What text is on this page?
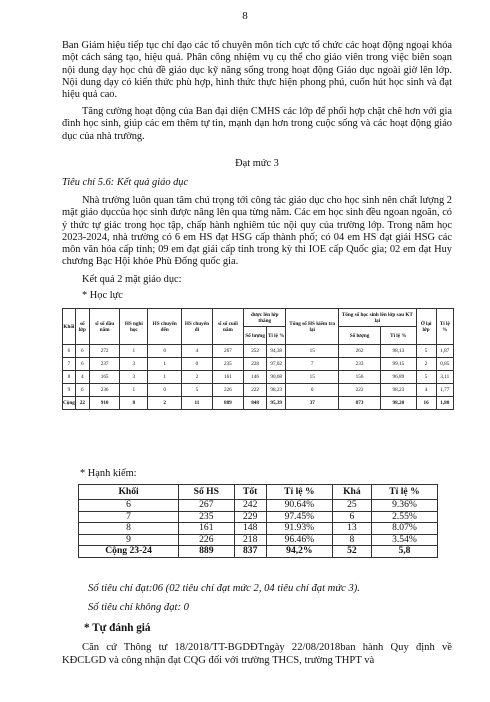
8
Ban Giám hiệu tiếp tục chỉ đạo các tổ chuyên môn tích cực tổ chức các hoạt động ngoại khóa một cách sáng tạo, hiệu quả. Phân công nhiệm vụ cụ thể cho giáo viên trong việc biên soạn nội dung dạy học chủ đề giáo dục kỹ năng sống trong hoạt động Giáo dục ngoài giờ lên lớp. Nội dung dạy có kiến thức phù hợp, hình thức thực hiện phong phú, cuốn hút học sinh và đạt hiệu quả cao.
Tăng cường hoạt động của Ban đại diện CMHS các lớp để phối hợp chặt chẽ hơn với gia đình học sinh, giúp các em thêm tự tin, mạnh dạn hơn trong cuộc sống và các hoạt động giáo dục của nhà trường.
Đạt mức 3
Tiêu chí 5.6: Kết quả giáo dục
Nhà trường luôn quan tâm chú trọng tới công tác giáo dục cho học sinh nên chất lượng 2 mặt giáo dụccủa học sinh được nâng lên qua từng năm. Các em học sinh đều ngoan ngoãn, có ý thức tự giác trong học tập, chấp hành nghiêm túc nội quy của trường lớp. Trong năm học 2023-2024, nhà trường có 6 em HS đạt HSG cấp thành phố; có 04 em HS đạt giải HSG các môn văn hóa cấp tỉnh; 09 em đạt giải cấp tỉnh trong kỳ thi IOE cấp Quốc gia; 02 em đạt Huy chương Bạc Hội khỏe Phù Đổng quốc gia.
Kết quả 2 mặt giáo dục:
* Học lực
Khối	số lớp	sĩ số đầu năm	HS nghỉ học	HS chuyển đến	HS chuyển đi	sĩ số cuối năm	được lên lớp thẳng		Tổng số HS kiểm tra lại	Tổng số học sinh lên lớp sau KT lại		Ở lại lớp	Tỉ lệ %
							Số lượng	Tỉ lệ %		Số lượng	Tỉ lệ %		
6	6	272	1	0	4	267	252	94,38	15	262	98,13	5	1,87
7	6	237	3	1	0	235	228	97,02	7	233	99,15	2	0,85
8	4	165	3	1	2	161	146	90,68	15	156	96,89	5	3,11
9	6	236	1	0	5	226	222	98,23	0	222	98,23	4	1,77
Cộng	22	910	8	2	11	889	848	95,39	37	873	98,20	16	1,80
* Hạnh kiểm:
Khối	Số HS	Tốt	Tỉ lệ %	Khá	Tỉ lệ %
6	267	242	90.64%	25	9.36%
7	235	229	97.45%	6	2.55%
8	161	148	91.93%	13	8.07%
9	226	218	96.46%	8	3.54%
Cộng 23-24	889	837	94,2%	52	5,8
Số tiêu chí đạt:06 (02 tiêu chí đạt mức 2, 04 tiêu chí đạt mức 3).
Số tiêu chí không đạt: 0
* Tự đánh giá
Căn cứ Thông tư 18/2018/TT-BGDĐTngày 22/08/2018ban hành Quy định về KĐCLGD và công nhận đạt CQG đối với trường THCS, trường THPT và
